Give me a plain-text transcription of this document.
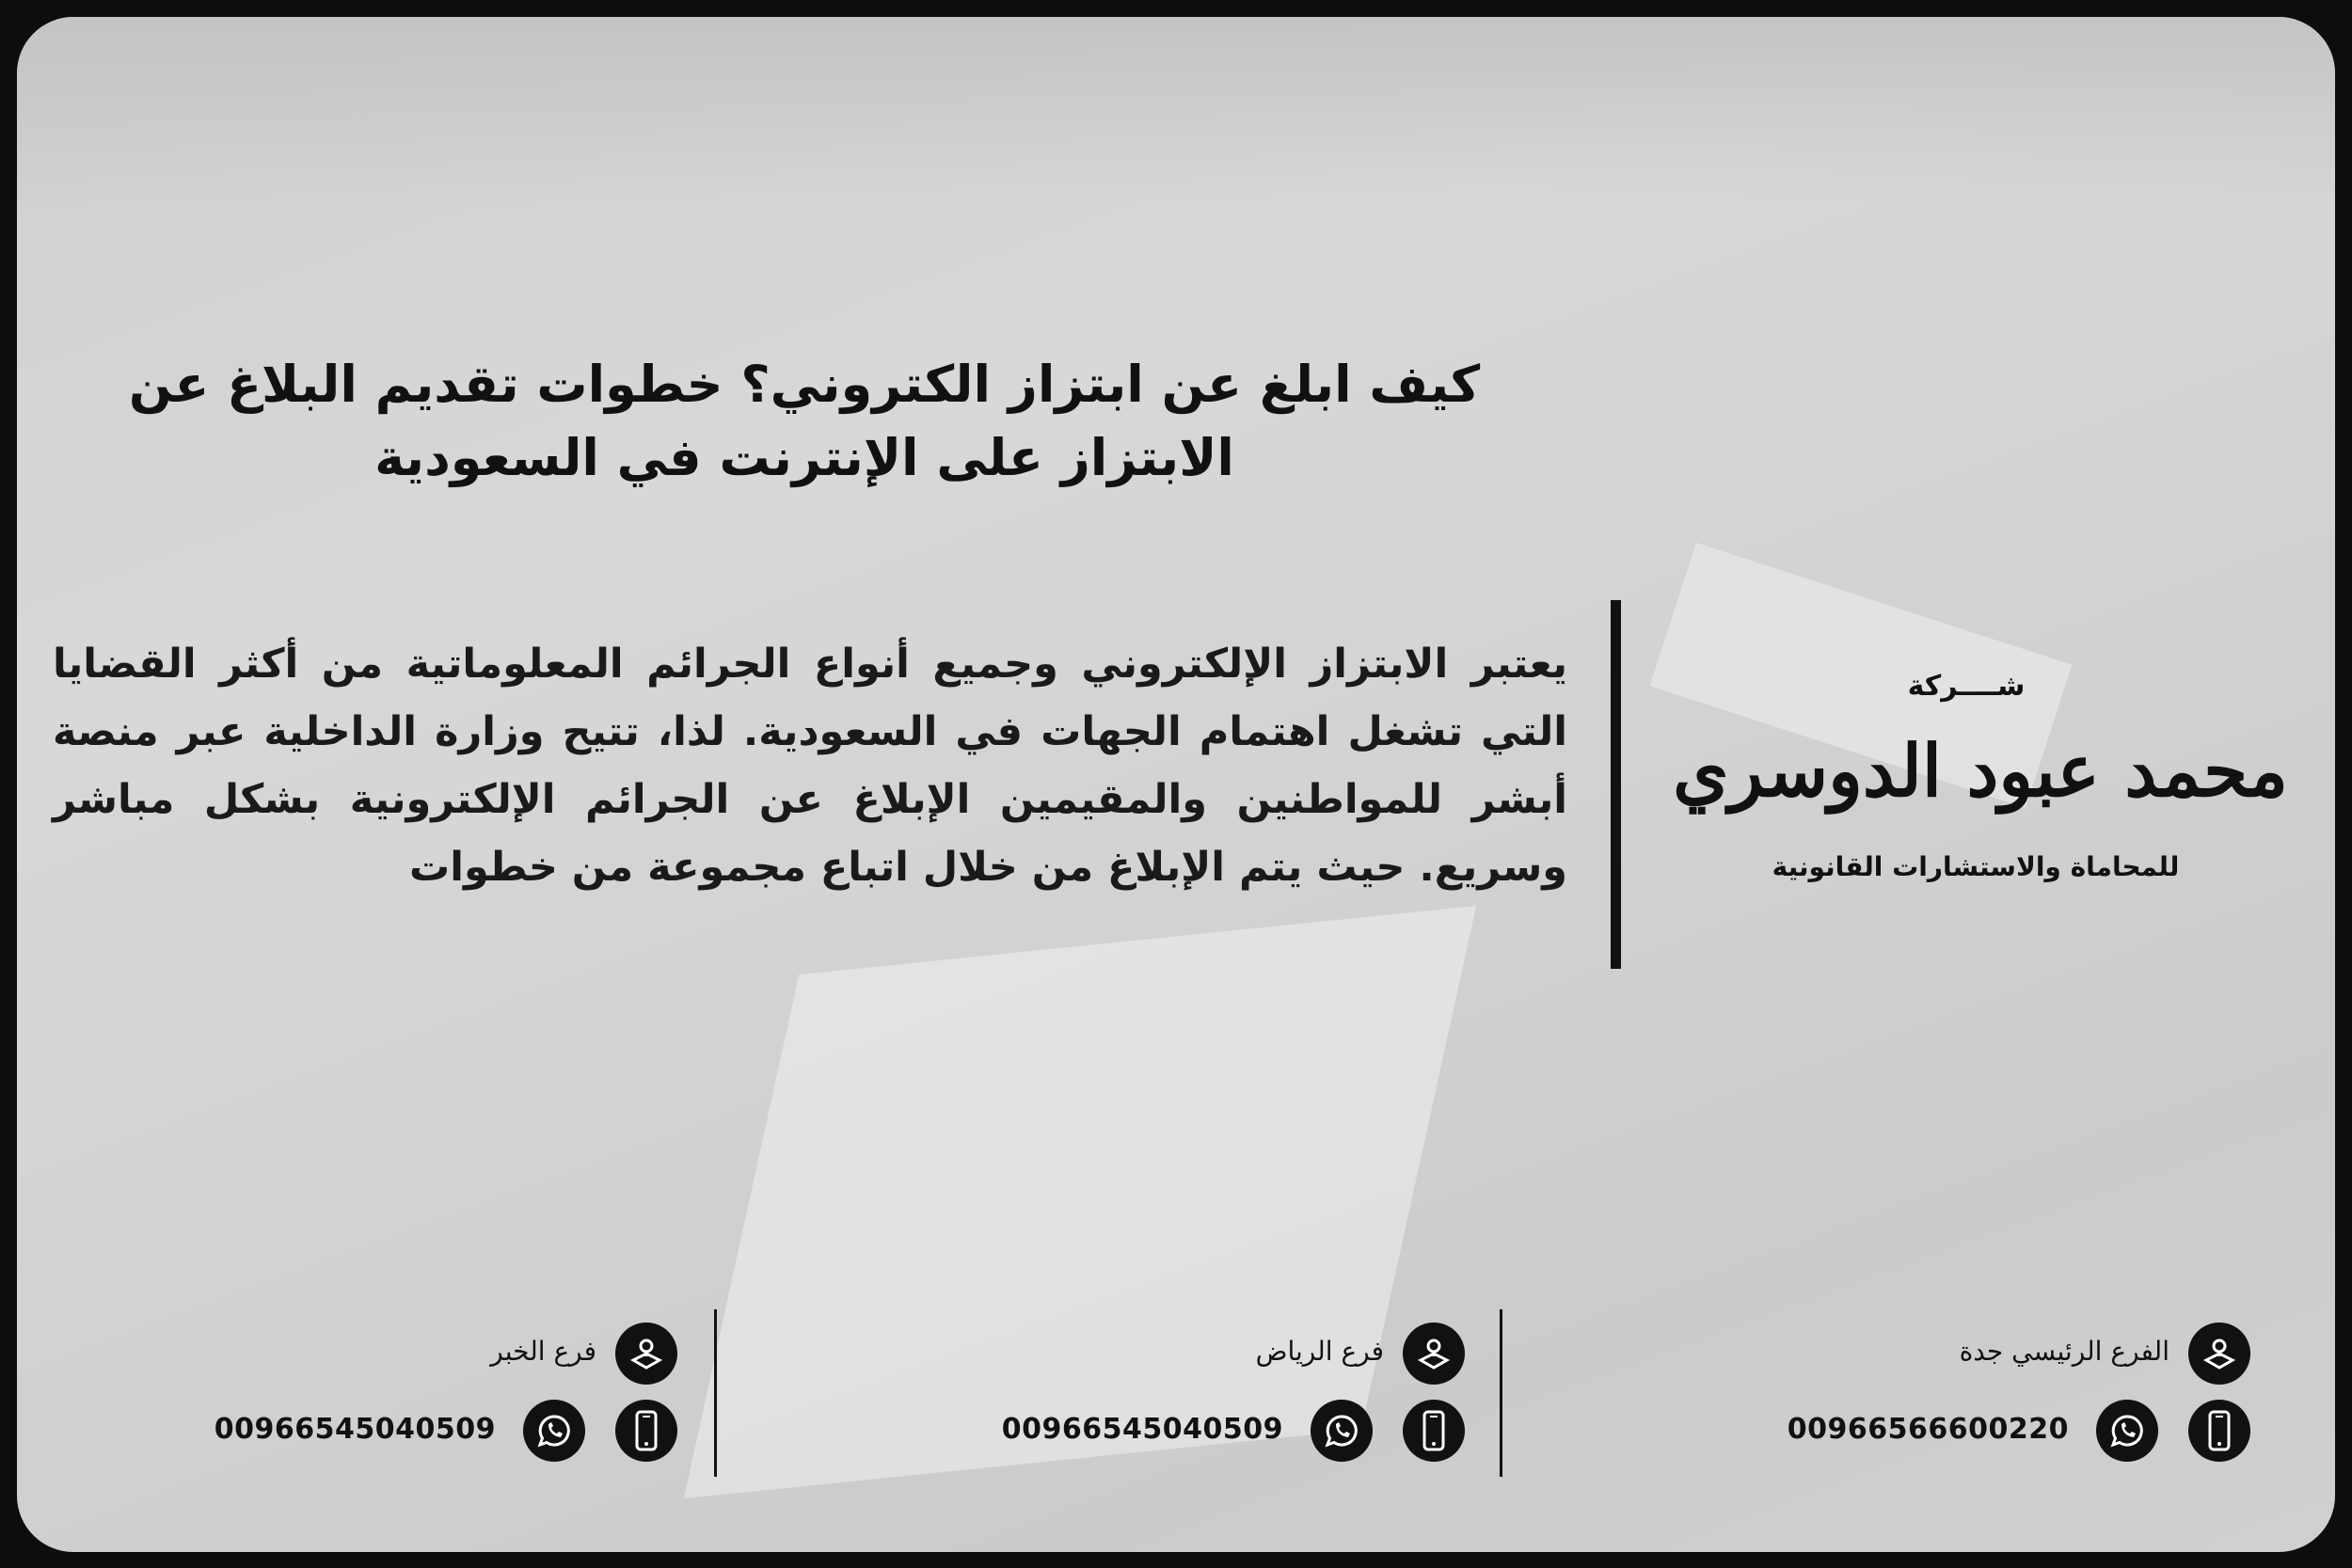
كيف ابلغ عن ابتزاز الكتروني؟ خطوات تقديم البلاغ عن
الابتزاز على الإنترنت في السعودية
يعتبر الابتزاز الإلكتروني وجميع أنواع الجرائم المعلوماتية من أكثر القضايا التي تشغل اهتمام الجهات في السعودية. لذا، تتيح وزارة الداخلية عبر منصة أبشر للمواطنين والمقيمين الإبلاغ عن الجرائم الإلكترونية بشكل مباشر وسريع. حيث يتم الإبلاغ من خلال اتباع مجموعة من خطوات
شــــركة
محمد عبود الدوسري
للمحاماة والاستشارات القانونية
الفرع الرئيسي جدة
00966566600220
فرع الرياض
00966545040509
فرع الخبر
00966545040509
